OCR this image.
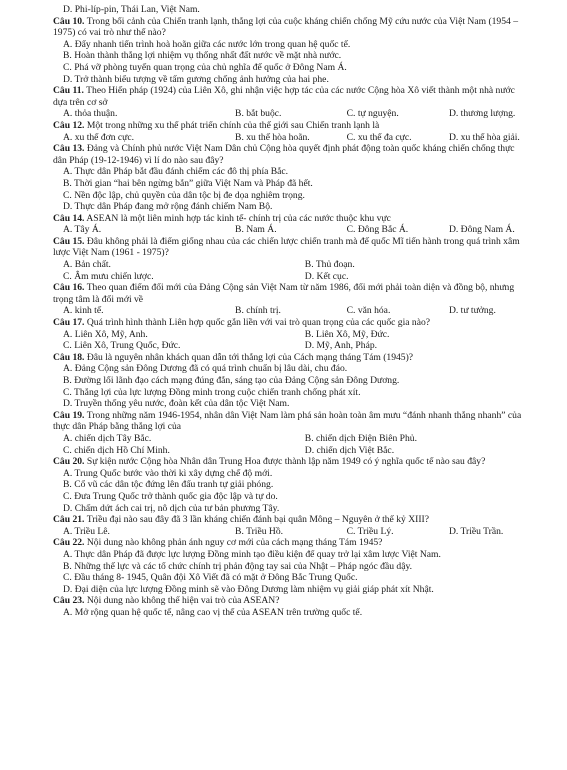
D. Phi-líp-pin, Thái Lan, Việt Nam.

Câu 10. Trong bối cảnh của Chiến tranh lạnh, thắng lợi của cuộc kháng chiến chống Mỹ cứu nước của Việt Nam (1954 – 1975) có vai trò như thế nào?

A. Đẩy nhanh tiến trình hoà hoãn giữa các nước lớn trong quan hệ quốc tế.
B. Hoàn thành thắng lợi nhiệm vụ thống nhất đất nước về mặt nhà nước.
C. Phá vỡ phòng tuyến quan trọng của chủ nghĩa đế quốc ở Đông Nam Á.
D. Trở thành biểu tượng về tấm gương chống ảnh hưởng của hai phe.

Câu 11. Theo Hiến pháp (1924) của Liên Xô, ghi nhận việc hợp tác của các nước Cộng hòa Xô viết thành một nhà nước dựa trên cơ sở

A. thỏa thuận.	B. bắt buộc.	C. tự nguyện.	D. thương lượng.

Câu 12. Một trong những xu thế phát triển chính của thế giới sau Chiến tranh lạnh là

A. xu thế đơn cực.	B. xu thế hòa hoãn.	C. xu thế đa cực.	D. xu thế hòa giải.

Câu 13. Đảng và Chính phủ nước Việt Nam Dân chủ Cộng hòa quyết định phát động toàn quốc kháng chiến chống thực dân Pháp (19-12-1946) vì lí do nào sau đây?

A. Thực dân Pháp bắt đầu đánh chiếm các đô thị phía Bắc.
B. Thời gian “hai bên ngừng bắn” giữa Việt Nam và Pháp đã hết.
C. Nền độc lập, chủ quyền của dân tộc bị đe dọa nghiêm trọng.
D. Thực dân Pháp đang mở rộng đánh chiếm Nam Bộ.

Câu 14. ASEAN là một liên minh hợp tác kinh tế- chính trị của các nước thuộc khu vực

A. Tây Á.	B. Nam Á.	C. Đông Bắc Á.	D. Đông Nam Á.

Câu 15. Đâu không phải là điểm giống nhau của các chiến lược chiến tranh mà đế quốc Mĩ tiến hành trong quá trình xâm lược Việt Nam (1961 - 1975)?

A. Bản chất.	B. Thủ đoạn.
C. Âm mưu chiến lược.	D. Kết cục.

Câu 16. Theo quan điểm đổi mới của Đảng Cộng sản Việt Nam từ năm 1986, đổi mới phải toàn diện và đồng bộ, nhưng trọng tâm là đổi mới về

A. kinh tế.	B. chính trị.	C. văn hóa.	D. tư tưởng.

Câu 17. Quá trình hình thành Liên hợp quốc gắn liền với vai trò quan trọng của các quốc gia nào?

A. Liên Xô, Mỹ, Anh.	B. Liên Xô, Mỹ, Đức.
C. Liên Xô, Trung Quốc, Đức.	D. Mỹ, Anh, Pháp.

Câu 18. Đâu là nguyên nhân khách quan dẫn tới thắng lợi của Cách mạng tháng Tám (1945)?

A. Đảng Cộng sản Đông Dương đã có quá trình chuẩn bị lâu dài, chu đáo.
B. Đường lối lãnh đạo cách mạng đúng đắn, sáng tạo của Đảng Cộng sản Đông Dương.
C. Thắng lợi của lực lượng Đồng minh trong cuộc chiến tranh chống phát xít.
D. Truyền thống yêu nước, đoàn kết của dân tộc Việt Nam.

Câu 19. Trong những năm 1946-1954, nhân dân Việt Nam làm phá sản hoàn toàn âm mưu “đánh nhanh thắng nhanh” của thực dân Pháp bằng thắng lợi của

A. chiến dịch Tây Bắc.	B. chiến dịch Điện Biên Phủ.
C. chiến dịch Hồ Chí Minh.	D. chiến dịch Việt Bắc.

Câu 20. Sự kiện nước Cộng hòa Nhân dân Trung Hoa được thành lập năm 1949 có ý nghĩa quốc tế nào sau đây?

A. Trung Quốc bước vào thời kì xây dựng chế độ mới.
B. Cổ vũ các dân tộc đứng lên đấu tranh tự giải phóng.
C. Đưa Trung Quốc trở thành quốc gia độc lập và tự do.
D. Chấm dứt ách cai trị, nô dịch của tư bản phương Tây.

Câu 21. Triều đại nào sau đây đã 3 lần kháng chiến đánh bại quân Mông – Nguyên ở thế kỷ XIII?

A. Triều Lê.	B. Triều Hồ.	C. Triều Lý.	D. Triều Trần.

Câu 22. Nội dung nào không phản ánh nguy cơ mới của cách mạng tháng Tám 1945?

A. Thực dân Pháp đã được lực lượng Đồng minh tạo điều kiện để quay trở lại xâm lược Việt Nam.
B. Những thế lực và các tổ chức chính trị phản động tay sai của Nhật – Pháp ngóc đầu dậy.
C. Đầu tháng 8- 1945, Quân đội Xô Viết đã có mặt ở Đông Bắc Trung Quốc.
D. Đại diện của lực lượng Đồng minh sẽ vào Đông Dương làm nhiệm vụ giải giáp phát xít Nhật.

Câu 23. Nội dung nào không thể hiện vai trò của ASEAN?

A. Mở rộng quan hệ quốc tế, nâng cao vị thế của ASEAN trên trường quốc tế.
